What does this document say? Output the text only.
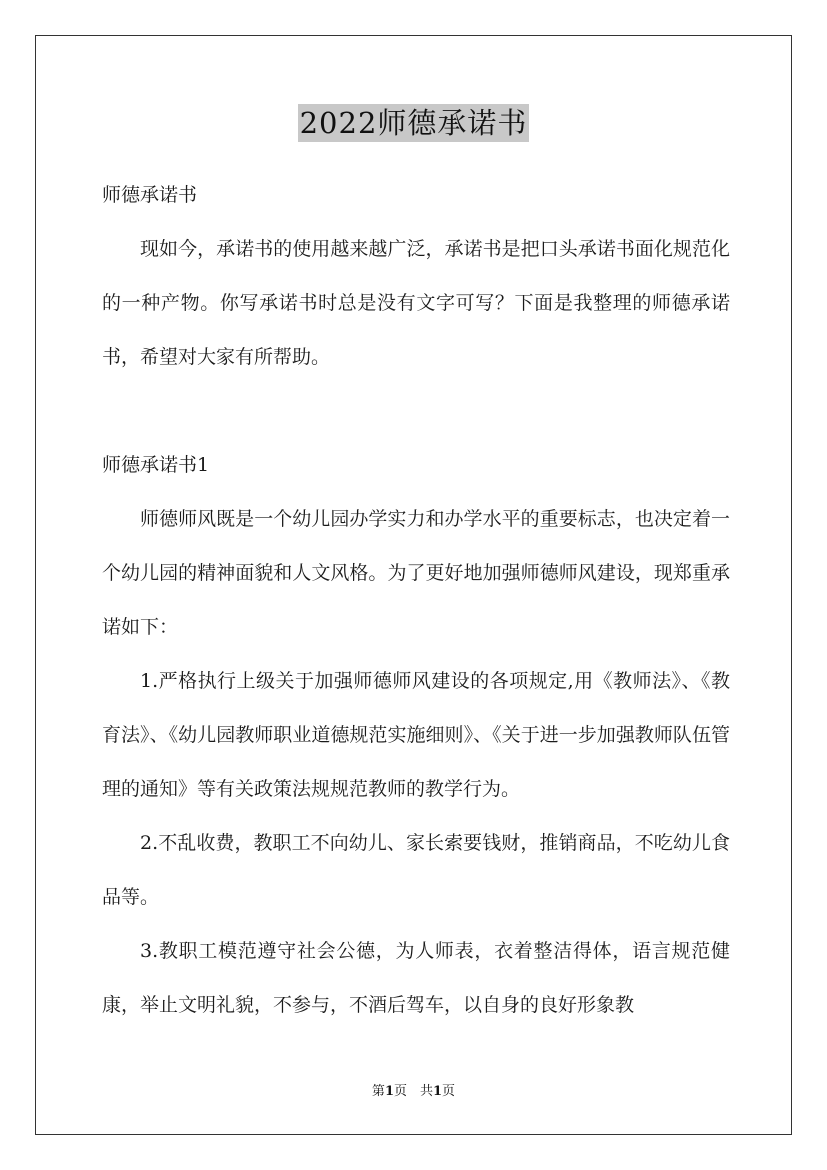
2022师德承诺书

师德承诺书

现如今，承诺书的使用越来越广泛，承诺书是把口头承诺书面化规范化的一种产物。你写承诺书时总是没有文字可写？下面是我整理的师德承诺书，希望对大家有所帮助。

师德承诺书1

师德师风既是一个幼儿园办学实力和办学水平的重要标志，也决定着一个幼儿园的精神面貌和人文风格。为了更好地加强师德师风建设，现郑重承诺如下：

1.严格执行上级关于加强师德师风建设的各项规定,用《教师法》、《教育法》、《幼儿园教师职业道德规范实施细则》、《关于进一步加强教师队伍管理的通知》等有关政策法规规范教师的教学行为。

2.不乱收费，教职工不向幼儿、家长索要钱财，推销商品，不吃幼儿食品等。

3.教职工模范遵守社会公德，为人师表，衣着整洁得体，语言规范健康，举止文明礼貌，不参与，不酒后驾车，以自身的良好形象教

第1页　共1页
